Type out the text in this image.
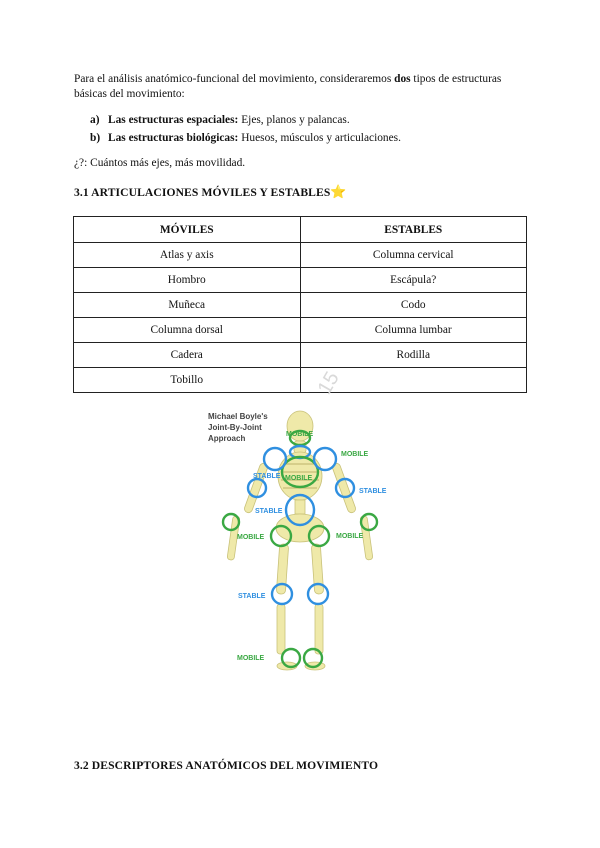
Para el análisis anatómico-funcional del movimiento, consideraremos dos tipos de estructuras básicas del movimiento:

a) Las estructuras espaciales: Ejes, planos y palancas.
b) Las estructuras biológicas: Huesos, músculos y articulaciones.

¿?: Cuántos más ejes, más movilidad.

3.1 ARTICULACIONES MÓVILES Y ESTABLES⭐
MÓVILES	ESTABLES
Atlas y axis	Columna cervical
Hombro	Escápula?
Muñeca	Codo
Columna dorsal	Columna lumbar
Cadera	Rodilla
Tobillo		15
Michael Boyle's
Joint-By-Joint
Approach	MOBILE
MOBILE
STABLE MOBILE
STABLE
STABLE
MOBILE	MOBILE
STABLE
MOBILE
3.2 DESCRIPTORES ANATÓMICOS DEL MOVIMIENTO
